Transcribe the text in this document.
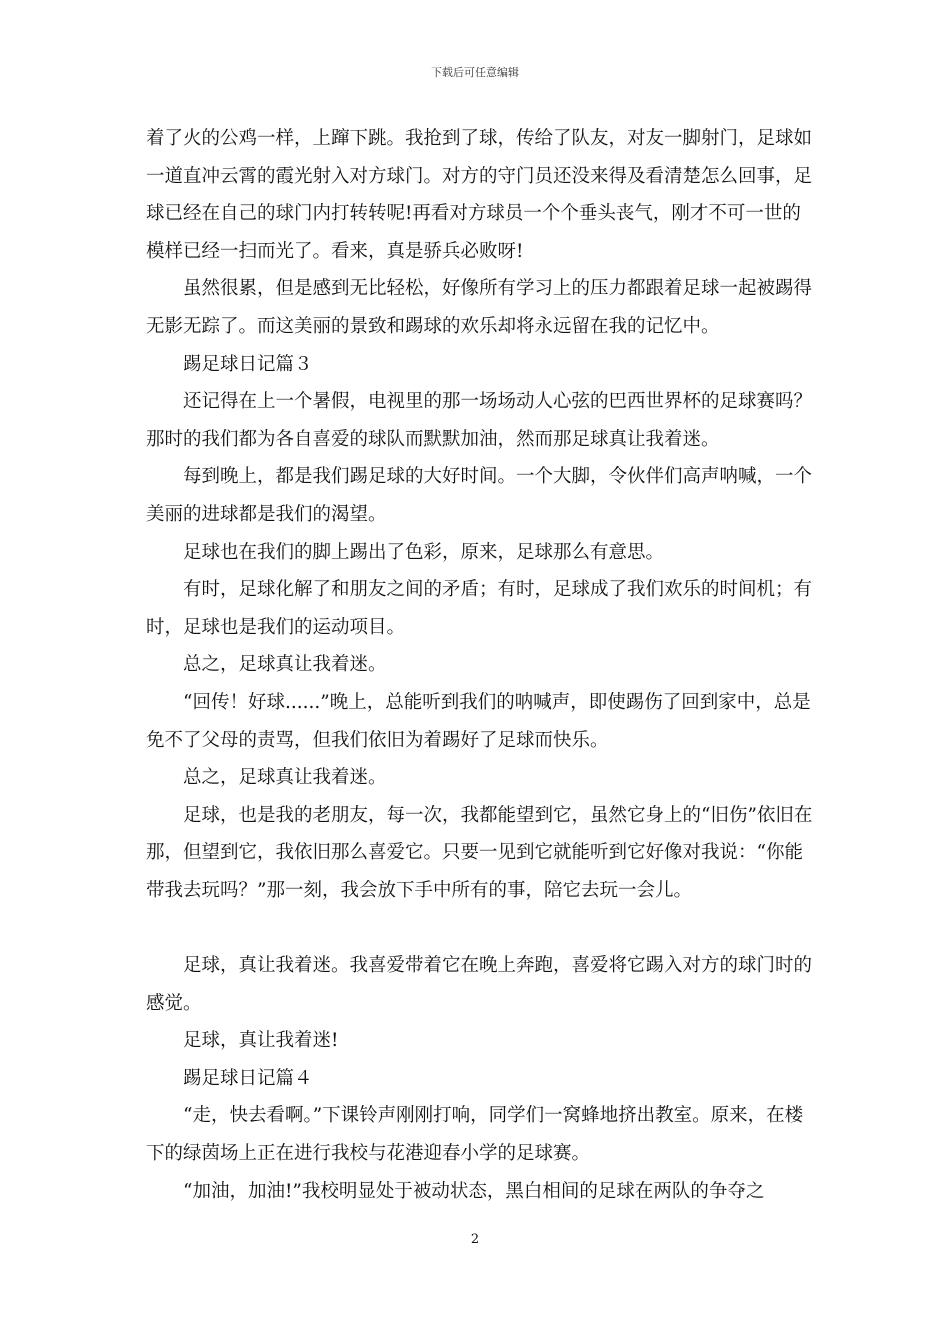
下载后可任意编辑

着了火的公鸡一样，上蹿下跳。我抢到了球，传给了队友，对友一脚射门，足球如一道直冲云霄的霞光射入对方球门。对方的守门员还没来得及看清楚怎么回事，足球已经在自己的球门内打转转呢!再看对方球员一个个垂头丧气，刚才不可一世的模样已经一扫而光了。看来，真是骄兵必败呀!

虽然很累，但是感到无比轻松，好像所有学习上的压力都跟着足球一起被踢得无影无踪了。而这美丽的景致和踢球的欢乐却将永远留在我的记忆中。

踢足球日记篇３

还记得在上一个暑假，电视里的那一场场动人心弦的巴西世界杯的足球赛吗？那时的我们都为各自喜爱的球队而默默加油，然而那足球真让我着迷。

每到晚上，都是我们踢足球的大好时间。一个大脚，令伙伴们高声呐喊，一个美丽的进球都是我们的渴望。

足球也在我们的脚上踢出了色彩，原来，足球那么有意思。

有时，足球化解了和朋友之间的矛盾；有时，足球成了我们欢乐的时间机；有时，足球也是我们的运动项目。

总之，足球真让我着迷。

“回传！好球......”晚上，总能听到我们的呐喊声，即使踢伤了回到家中，总是免不了父母的责骂，但我们依旧为着踢好了足球而快乐。

总之，足球真让我着迷。

足球，也是我的老朋友，每一次，我都能望到它，虽然它身上的“旧伤”依旧在那，但望到它，我依旧那么喜爱它。只要一见到它就能听到它好像对我说：“你能带我去玩吗？”那一刻，我会放下手中所有的事，陪它去玩一会儿。

足球，真让我着迷。我喜爱带着它在晚上奔跑，喜爱将它踢入对方的球门时的感觉。

足球，真让我着迷!

踢足球日记篇４

“走，快去看啊。”下课铃声刚刚打响，同学们一窝蜂地挤出教室。原来，在楼下的绿茵场上正在进行我校与花港迎春小学的足球赛。

“加油，加油!”我校明显处于被动状态，黑白相间的足球在两队的争夺之

2
